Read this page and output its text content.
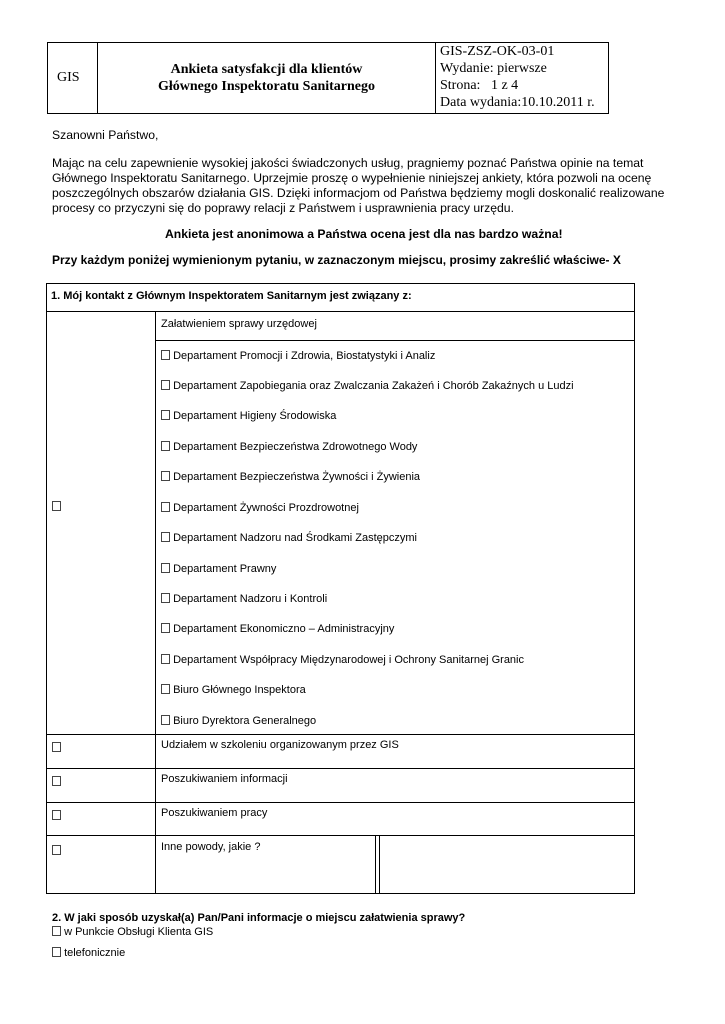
GIS
Ankieta satysfakcji dla klientów
Głównego Inspektoratu Sanitarnego
GIS-ZSZ-OK-03-01
Wydanie: pierwsze
Strona:   1 z 4
Data wydania:10.10.2011 r.
Szanowni Państwo,
Mając na celu zapewnienie wysokiej jakości świadczonych usług, pragniemy poznać Państwa opinie na temat
Głównego Inspektoratu Sanitarnego. Uprzejmie proszę o wypełnienie niniejszej ankiety, która pozwoli na ocenę
poszczególnych obszarów działania GIS. Dzięki informacjom od Państwa będziemy mogli doskonalić realizowane
procesy co przyczyni się do poprawy relacji z Państwem i usprawnienia pracy urzędu.
Ankieta jest anonimowa a Państwa ocena jest dla nas bardzo ważna!
Przy każdym poniżej wymienionym pytaniu, w zaznaczonym miejscu, prosimy zakreślić właściwe- X
1. Mój kontakt z Głównym Inspektoratem Sanitarnym jest związany z:
Załatwieniem sprawy urzędowej
Departament Promocji i Zdrowia, Biostatystyki i Analiz
Departament Zapobiegania oraz Zwalczania Zakażeń i Chorób Zakaźnych u Ludzi
Departament Higieny Środowiska
Departament Bezpieczeństwa Zdrowotnego Wody
Departament Bezpieczeństwa Żywności i Żywienia
Departament Żywności Prozdrowotnej
Departament Nadzoru nad Środkami Zastępczymi
Departament Prawny
Departament Nadzoru i Kontroli
Departament Ekonomiczno – Administracyjny
Departament Współpracy Międzynarodowej i Ochrony Sanitarnej Granic
Biuro Głównego Inspektora
Biuro Dyrektora Generalnego
Udziałem w szkoleniu organizowanym przez GIS
Poszukiwaniem informacji
Poszukiwaniem pracy
Inne powody, jakie ?
2. W jaki sposób uzyskał(a) Pan/Pani informacje o miejscu załatwienia sprawy?
w Punkcie Obsługi Klienta GIS
telefonicznie
